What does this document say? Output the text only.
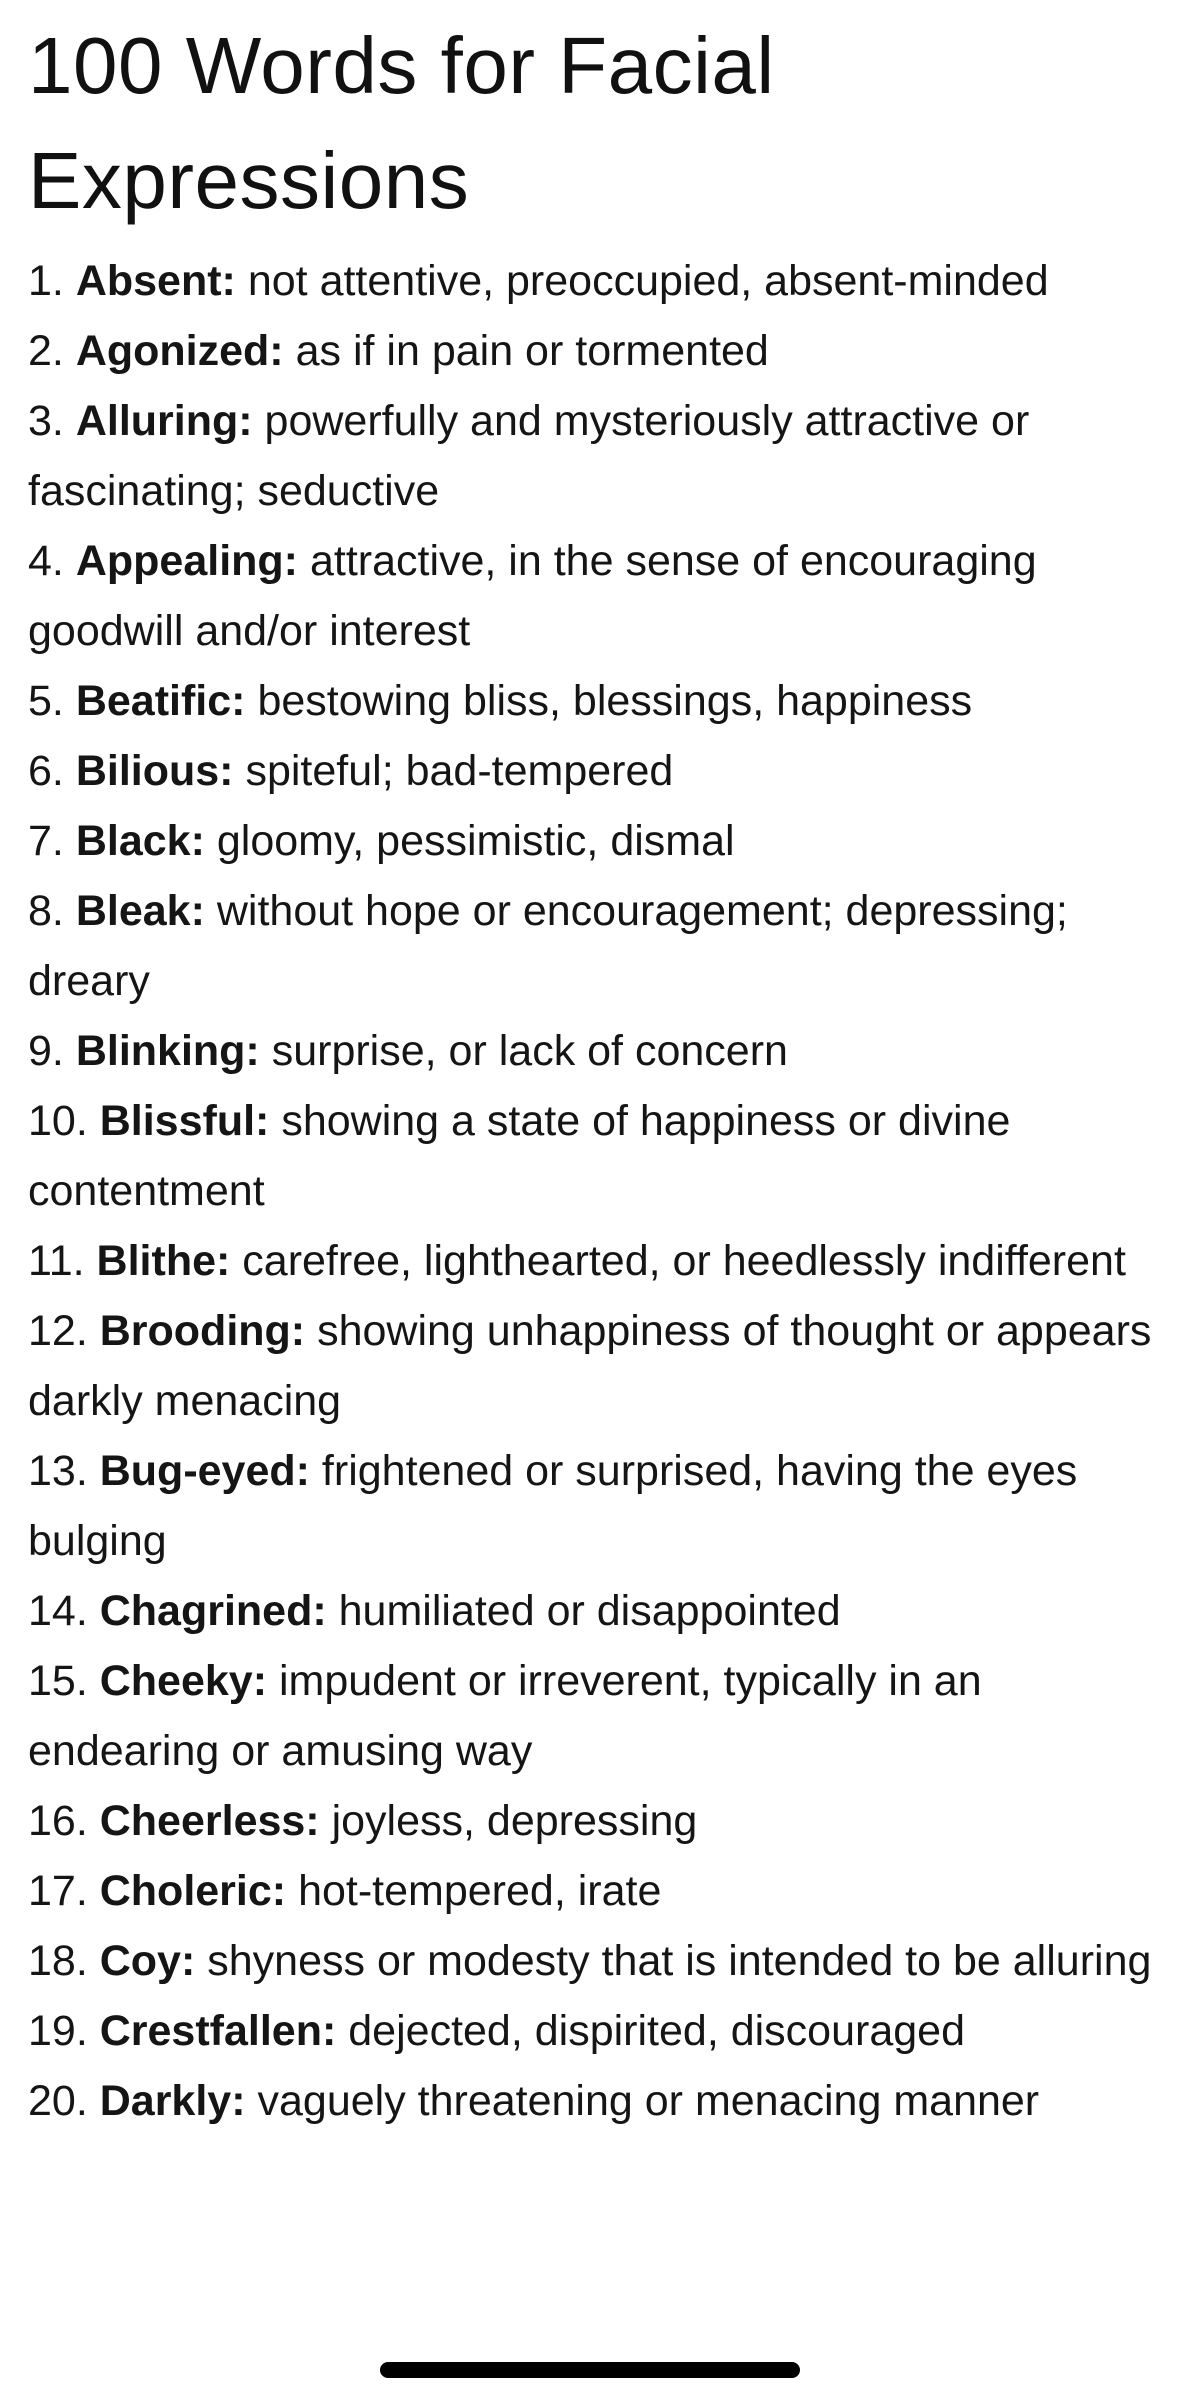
100 Words for Facial Expressions
1. Absent: not attentive, preoccupied, absent-minded
2. Agonized: as if in pain or tormented
3. Alluring: powerfully and mysteriously attractive or fascinating; seductive
4. Appealing: attractive, in the sense of encouraging goodwill and/or interest
5. Beatific: bestowing bliss, blessings, happiness
6. Bilious: spiteful; bad-tempered
7. Black: gloomy, pessimistic, dismal
8. Bleak: without hope or encouragement; depressing; dreary
9. Blinking: surprise, or lack of concern
10. Blissful: showing a state of happiness or divine contentment
11. Blithe: carefree, lighthearted, or heedlessly indifferent
12. Brooding: showing unhappiness of thought or appears darkly menacing
13. Bug-eyed: frightened or surprised, having the eyes bulging
14. Chagrined: humiliated or disappointed
15. Cheeky: impudent or irreverent, typically in an endearing or amusing way
16. Cheerless: joyless, depressing
17. Choleric: hot-tempered, irate
18. Coy: shyness or modesty that is intended to be alluring
19. Crestfallen: dejected, dispirited, discouraged
20. Darkly: vaguely threatening or menacing manner
